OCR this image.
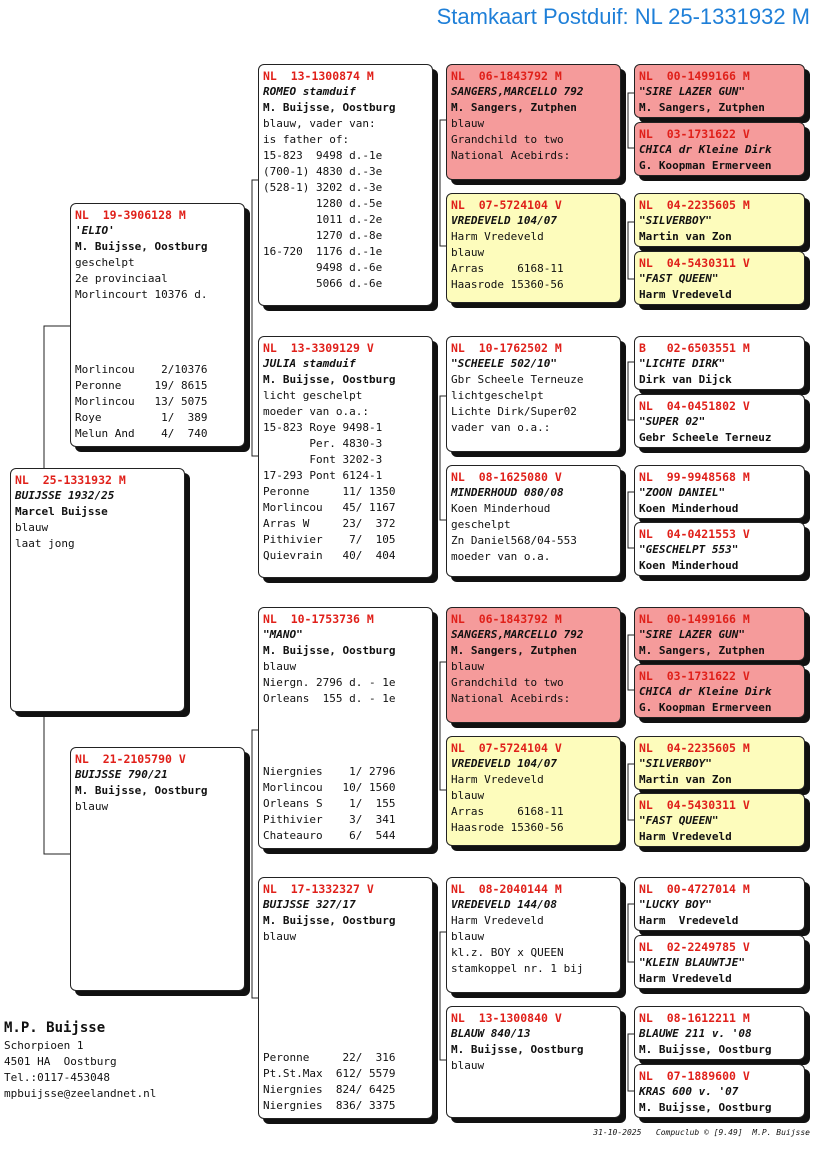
Stamkaart Postduif: NL 25-1331932 M
NL  25-1331932 M
BUIJSSE 1932/25
Marcel Buijsse
blauw
laat jong
NL  19-3906128 M
'ELIO'
M. Buijsse, Oostburg
geschelpt
2e provinciaal
Morlincourt 10376 d.
Morlincou    2/10376
Peronne     19/ 8615
Morlincou   13/ 5075
Roye         1/  389
Melun And    4/  740
NL  21-2105790 V
BUIJSSE 790/21
M. Buijsse, Oostburg
blauw
NL  13-1300874 M
ROMEO stamduif
M. Buijsse, Oostburg
blauw, vader van:
is father of:
15-823  9498 d.-1e
(700-1) 4830 d.-3e
(528-1) 3202 d.-3e
1280 d.-5e
1011 d.-2e
1270 d.-8e
16-720  1176 d.-1e
9498 d.-6e
5066 d.-6e
NL  13-3309129 V
JULIA stamduif
M. Buijsse, Oostburg
licht geschelpt
moeder van o.a.:
15-823 Roye 9498-1
Per. 4830-3
Font 3202-3
17-293 Pont 6124-1
Peronne     11/ 1350
Morlincou   45/ 1167
Arras W     23/  372
Pithivier    7/  105
Quievrain   40/  404
NL  10-1753736 M
"MANO"
M. Buijsse, Oostburg
blauw
Niergn. 2796 d. - 1e
Orleans  155 d. - 1e
Niergnies    1/ 2796
Morlincou   10/ 1560
Orleans S    1/  155
Pithivier    3/  341
Chateauro    6/  544
NL  17-1332327 V
BUIJSSE 327/17
M. Buijsse, Oostburg
blauw
Peronne     22/  316
Pt.St.Max  612/ 5579
Niergnies  824/ 6425
Niergnies  836/ 3375
NL  06-1843792 M
SANGERS,MARCELLO 792
M. Sangers, Zutphen
blauw
Grandchild to two
National Acebirds:
NL  07-5724104 V
VREDEVELD 104/07
Harm Vredeveld
blauw
Arras     6168-11
Haasrode 15360-56
NL  10-1762502 M
"SCHEELE 502/10"
Gbr Scheele Terneuze
lichtgeschelpt
Lichte Dirk/Super02
vader van o.a.:
NL  08-1625080 V
MINDERHOUD 080/08
Koen Minderhoud
geschelpt
Zn Daniel568/04-553
moeder van o.a.
NL  06-1843792 M
SANGERS,MARCELLO 792
M. Sangers, Zutphen
blauw
Grandchild to two
National Acebirds:
NL  07-5724104 V
VREDEVELD 104/07
Harm Vredeveld
blauw
Arras     6168-11
Haasrode 15360-56
NL  08-2040144 M
VREDEVELD 144/08
Harm Vredeveld
blauw
kl.z. BOY x QUEEN
stamkoppel nr. 1 bij
NL  13-1300840 V
BLAUW 840/13
M. Buijsse, Oostburg
blauw
NL  00-1499166 M
"SIRE LAZER GUN"
M. Sangers, Zutphen
NL  03-1731622 V
CHICA dr Kleine Dirk
G. Koopman Ermerveen
NL  04-2235605 M
"SILVERBOY"
Martin van Zon
NL  04-5430311 V
"FAST QUEEN"
Harm Vredeveld
B   02-6503551 M
"LICHTE DIRK"
Dirk van Dijck
NL  04-0451802 V
"SUPER 02"
Gebr Scheele Terneuz
NL  99-9948568 M
"ZOON DANIEL"
Koen Minderhoud
NL  04-0421553 V
"GESCHELPT 553"
Koen Minderhoud
NL  00-1499166 M
"SIRE LAZER GUN"
M. Sangers, Zutphen
NL  03-1731622 V
CHICA dr Kleine Dirk
G. Koopman Ermerveen
NL  04-2235605 M
"SILVERBOY"
Martin van Zon
NL  04-5430311 V
"FAST QUEEN"
Harm Vredeveld
NL  00-4727014 M
"LUCKY BOY"
Harm  Vredeveld
NL  02-2249785 V
"KLEIN BLAUWTJE"
Harm Vredeveld
NL  08-1612211 M
BLAUWE 211 v. '08
M. Buijsse, Oostburg
NL  07-1889600 V
KRAS 600 v. '07
M. Buijsse, Oostburg
M.P. Buijsse
Schorpioen 1
4501 HA  Oostburg
Tel.:0117-453048
mpbuijsse@zeelandnet.nl
31-10-2025 Compuclub © [9.49]  M.P. Buijsse
